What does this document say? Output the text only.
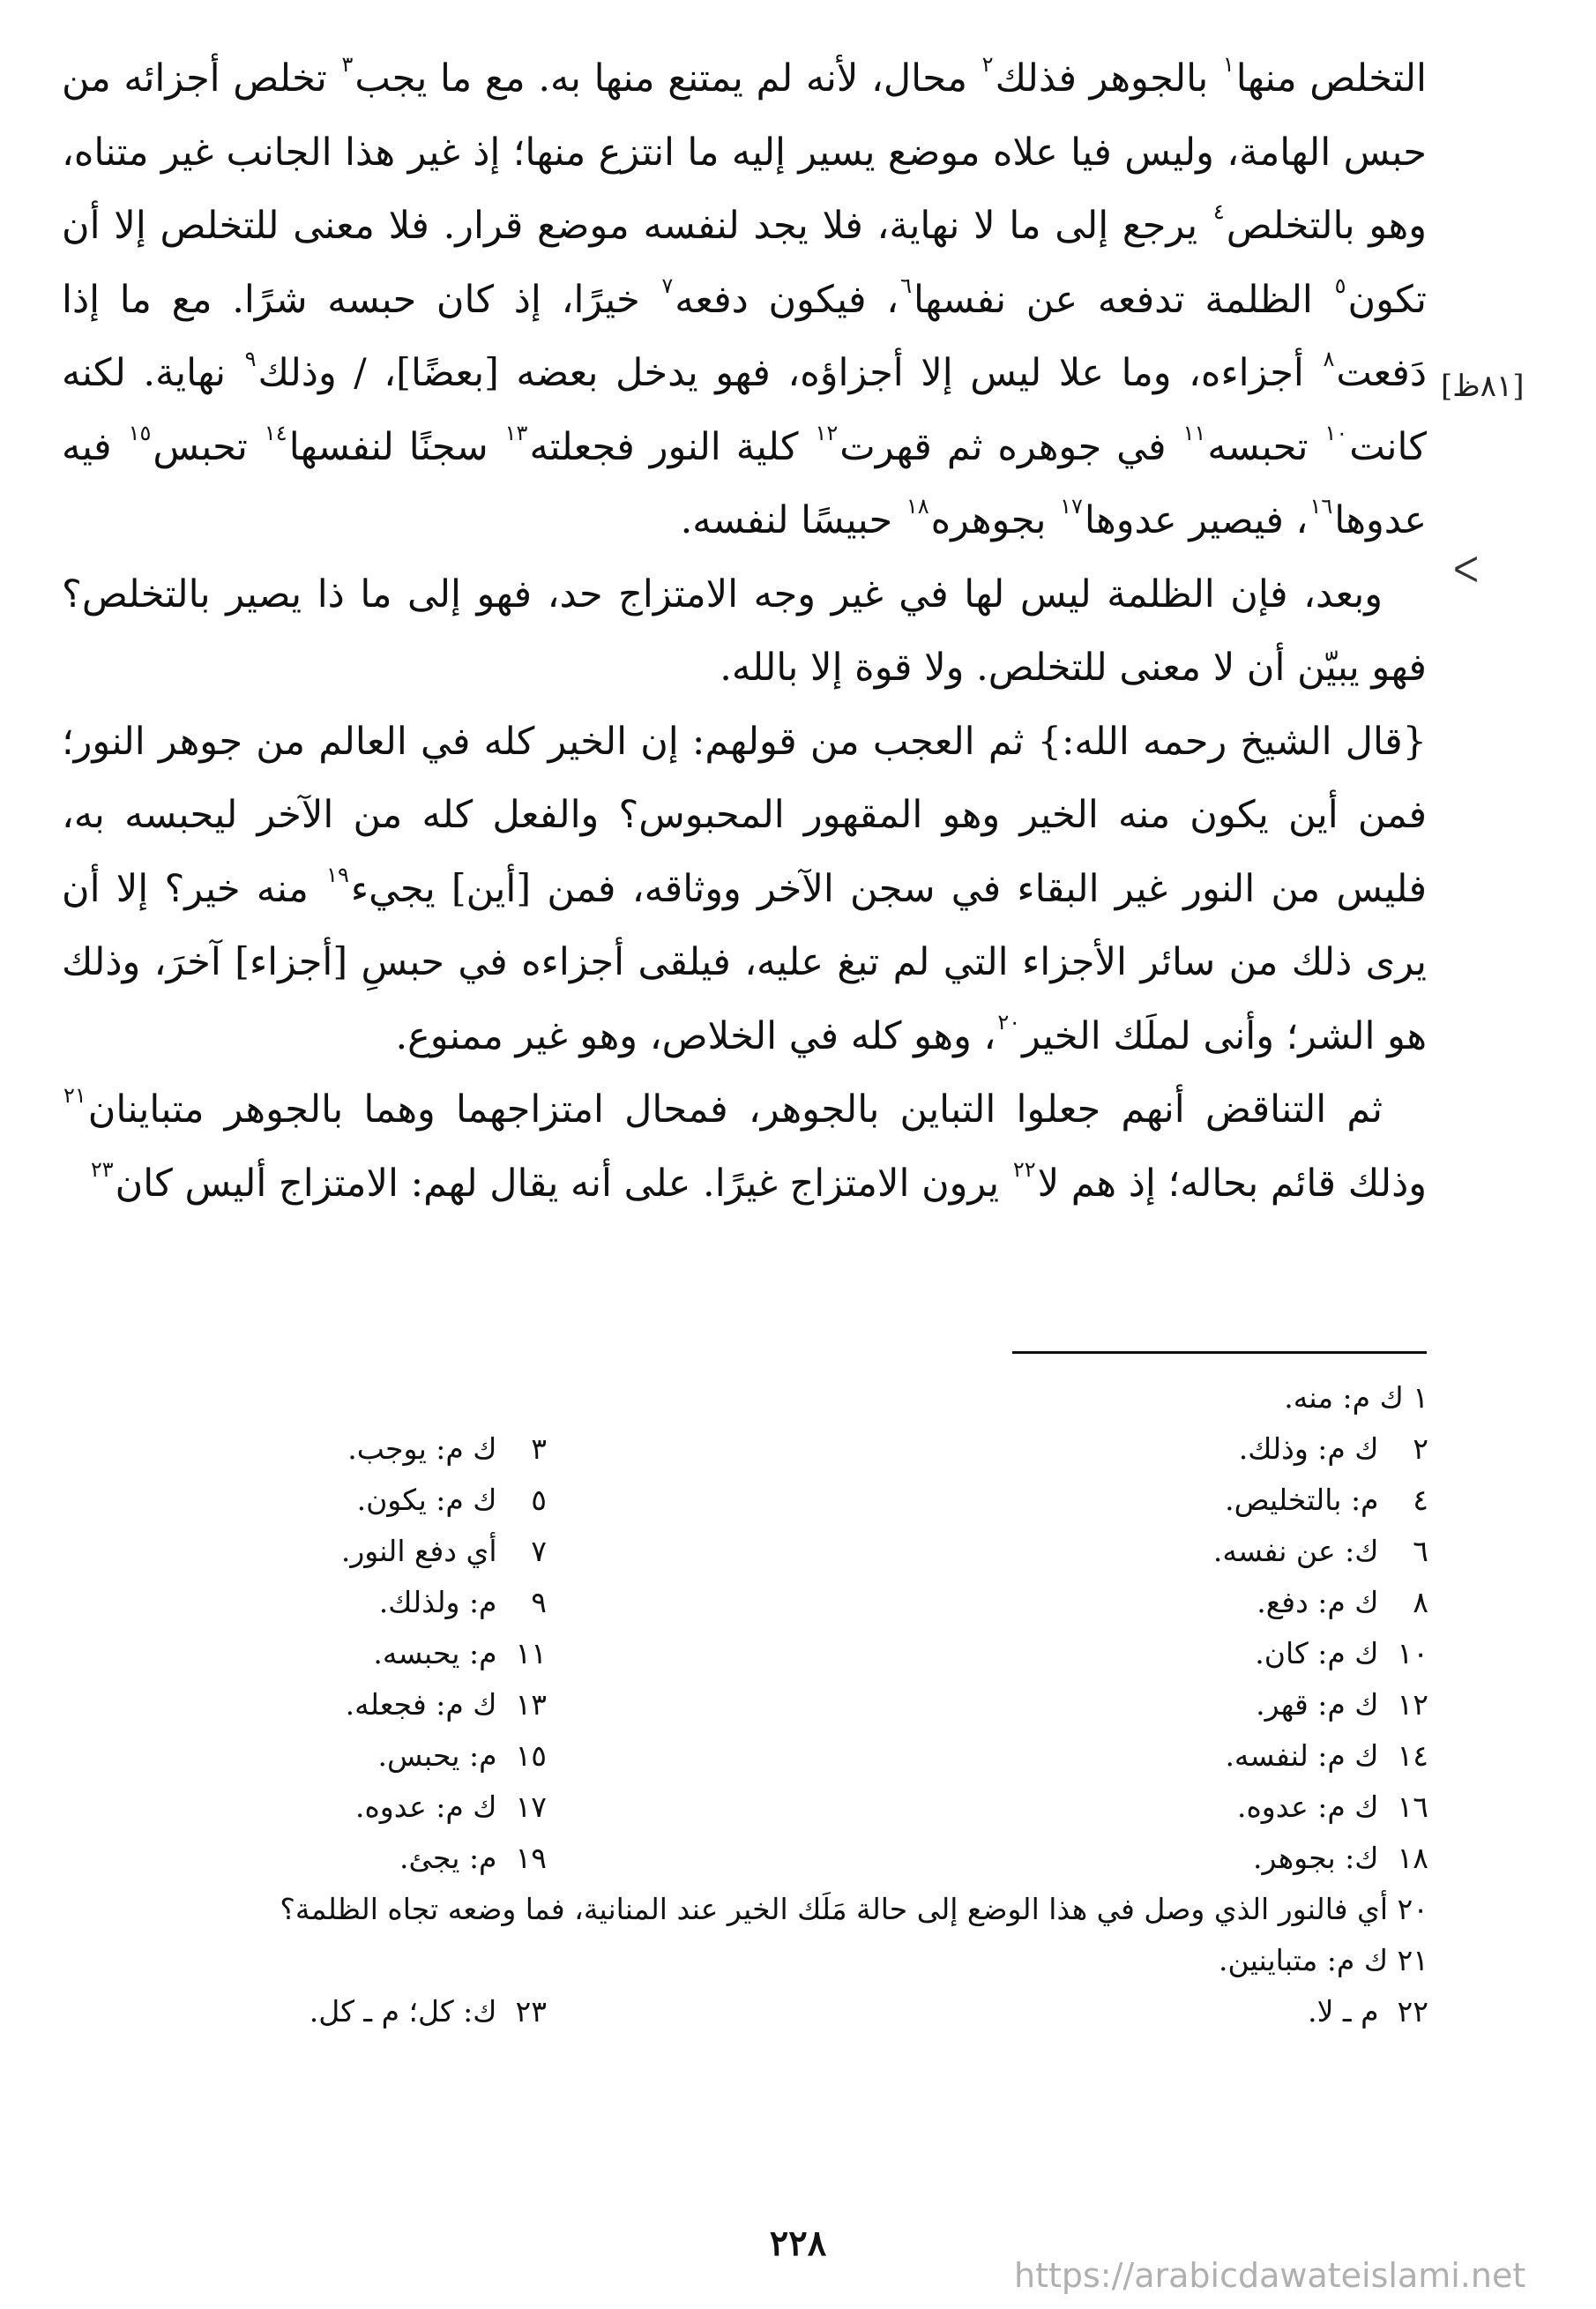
التخلص منها$^١$ بالجوهر فذلك$^٢$ محال، لأنه لم يمتنع منها به. مع ما يجب$^٣$ تخلص أجزائه من حبس الهامة، وليس فيا علاه موضع يسير إليه ما انتزع منها؛ إذ غير هذا الجانب غير متناه، وهو بالتخلص$^٤$ يرجع إلى ما لا نهاية، فلا يجد لنفسه موضع قرار. فلا معنى للتخلص إلا أن تكون$^٥$ الظلمة تدفعه عن نفسها$^٦$، فيكون دفعه$^٧$ خيرًا، إذ كان حبسه شرًا. مع ما إذا دَفعت$^٨$ أجزاءه، وما علا ليس إلا أجزاؤه، فهو يدخل بعضه [بعضًا]، / وذلك$^٩$ نهاية. لكنه كانت$^{١٠}$ تحبسه$^{١١}$ في جوهره ثم قهرت$^{١٢}$ كلية النور فجعلته$^{١٣}$ سجنًا لنفسها$^{١٤}$ تحبس$^{١٥}$ فيه عدوها$^{١٦}$، فيصير عدوها$^{١٧}$ بجوهره$^{١٨}$ حبيسًا لنفسه.

وبعد، فإن الظلمة ليس لها في غير وجه الامتزاج حد، فهو إلى ما ذا يصير بالتخلص؟ فهو يبيّن أن لا معنى للتخلص. ولا قوة إلا بالله.

{قال الشيخ رحمه الله:} ثم العجب من قولهم: إن الخير كله في العالم من جوهر النور؛ فمن أين يكون منه الخير وهو المقهور المحبوس؟ والفعل كله من الآخر ليحبسه به، فليس من النور غير البقاء في سجن الآخر ووثاقه، فمن [أين] يجيء$^{١٩}$ منه خير؟ إلا أن يرى ذلك من سائر الأجزاء التي لم تبغ عليه، فيلقى أجزاءه في حبسِ [أجزاء] آخرَ، وذلك هو الشر؛ وأنى لملَك الخير$^{٢٠}$، وهو كله في الخلاص، وهو غير ممنوع.

ثم التناقض أنهم جعلوا التباين بالجوهر، فمحال امتزاجهما وهما بالجوهر متباينان$^{٢١}$ وذلك قائم بحاله؛ إذ هم لا$^{٢٢}$ يرون الامتزاج غيرًا. على أنه يقال لهم: الامتزاج أليس كان$^{٢٣}$

[٨١ظ]
ᐸ
١ ك م: منه.
٢ ك م: وذلك.
٣ ك م: يوجب.
٤ م: بالتخليص.
٥ ك م: يكون.
٦ ك: عن نفسه.
٧ أي دفع النور.
٨ ك م: دفع.
٩ م: ولذلك.
١٠ ك م: كان.
١١ م: يحبسه.
١٢ ك م: قهر.
١٣ ك م: فجعله.
١٤ ك م: لنفسه.
١٥ م: يحبس.
١٦ ك م: عدوه.
١٧ ك م: عدوه.
١٨ ك: بجوهر.
١٩ م: يجئ.
٢٠ أي فالنور الذي وصل في هذا الوضع إلى حالة مَلَك الخير عند المنانية، فما وضعه تجاه الظلمة؟
٢١ ك م: متباينين.
٢٢ م ـ لا.
٢٣ ك: كل؛ م ـ كل.
٢٢٨
https://arabicdawateislami.net
